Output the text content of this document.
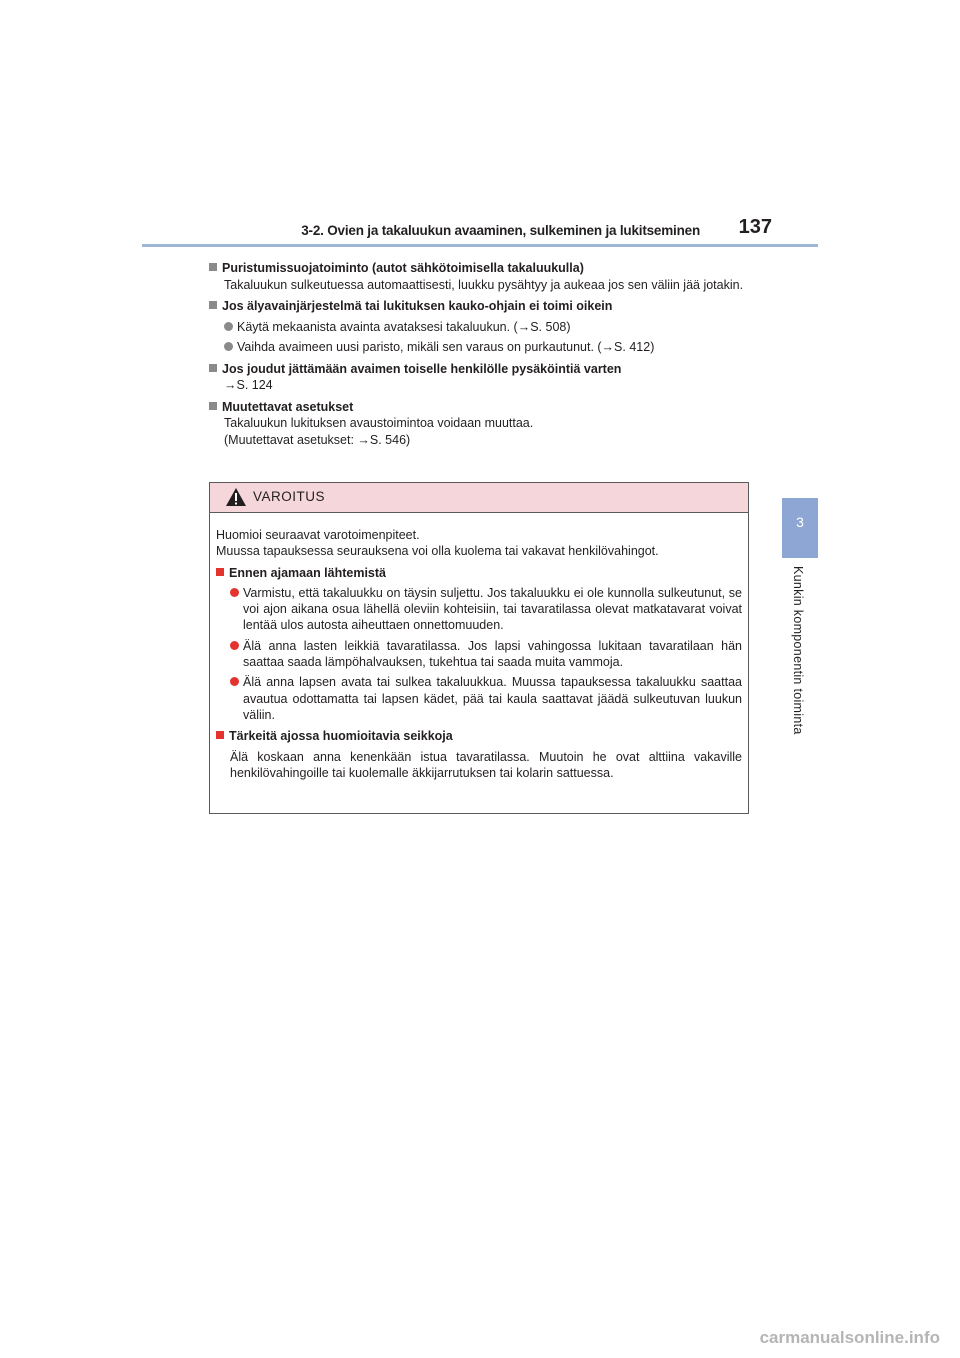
3-2. Ovien ja takaluukun avaaminen, sulkeminen ja lukitseminen 137
3
Kunkin komponentin toiminta
Puristumissuojatoiminto (autot sähkötoimisella takaluukulla)
Takaluukun sulkeutuessa automaattisesti, luukku pysähtyy ja aukeaa jos sen väliin jää jotakin.
Jos älyavainjärjestelmä tai lukituksen kauko-ohjain ei toimi oikein
Käytä mekaanista avainta avataksesi takaluukun. (→S. 508)
Vaihda avaimeen uusi paristo, mikäli sen varaus on purkautunut. (→S. 412)
Jos joudut jättämään avaimen toiselle henkilölle pysäköintiä varten
→S. 124
Muutettavat asetukset
Takaluukun lukituksen avaustoimintoa voidaan muuttaa.
(Muutettavat asetukset: →S. 546)
VAROITUS
Huomioi seuraavat varotoimenpiteet.
Muussa tapauksessa seurauksena voi olla kuolema tai vakavat henkilövahingot.
Ennen ajamaan lähtemistä
Varmistu, että takaluukku on täysin suljettu. Jos takaluukku ei ole kunnolla sulkeutunut, se voi ajon aikana osua lähellä oleviin kohteisiin, tai tavaratilassa olevat matkatavarat voivat lentää ulos autosta aiheuttaen onnettomuuden.
Älä anna lasten leikkiä tavaratilassa. Jos lapsi vahingossa lukitaan tavaratilaan hän saattaa saada lämpöhalvauksen, tukehtua tai saada muita vammoja.
Älä anna lapsen avata tai sulkea takaluukkua. Muussa tapauksessa takaluukku saattaa avautua odottamatta tai lapsen kädet, pää tai kaula saattavat jäädä sulkeutuvan luukun väliin.
Tärkeitä ajossa huomioitavia seikkoja
Älä koskaan anna kenenkään istua tavaratilassa. Muutoin he ovat alttiina vakaville henkilövahingoille tai kuolemalle äkkijarrutuksen tai kolarin sattuessa.
carmanualsonline.info
